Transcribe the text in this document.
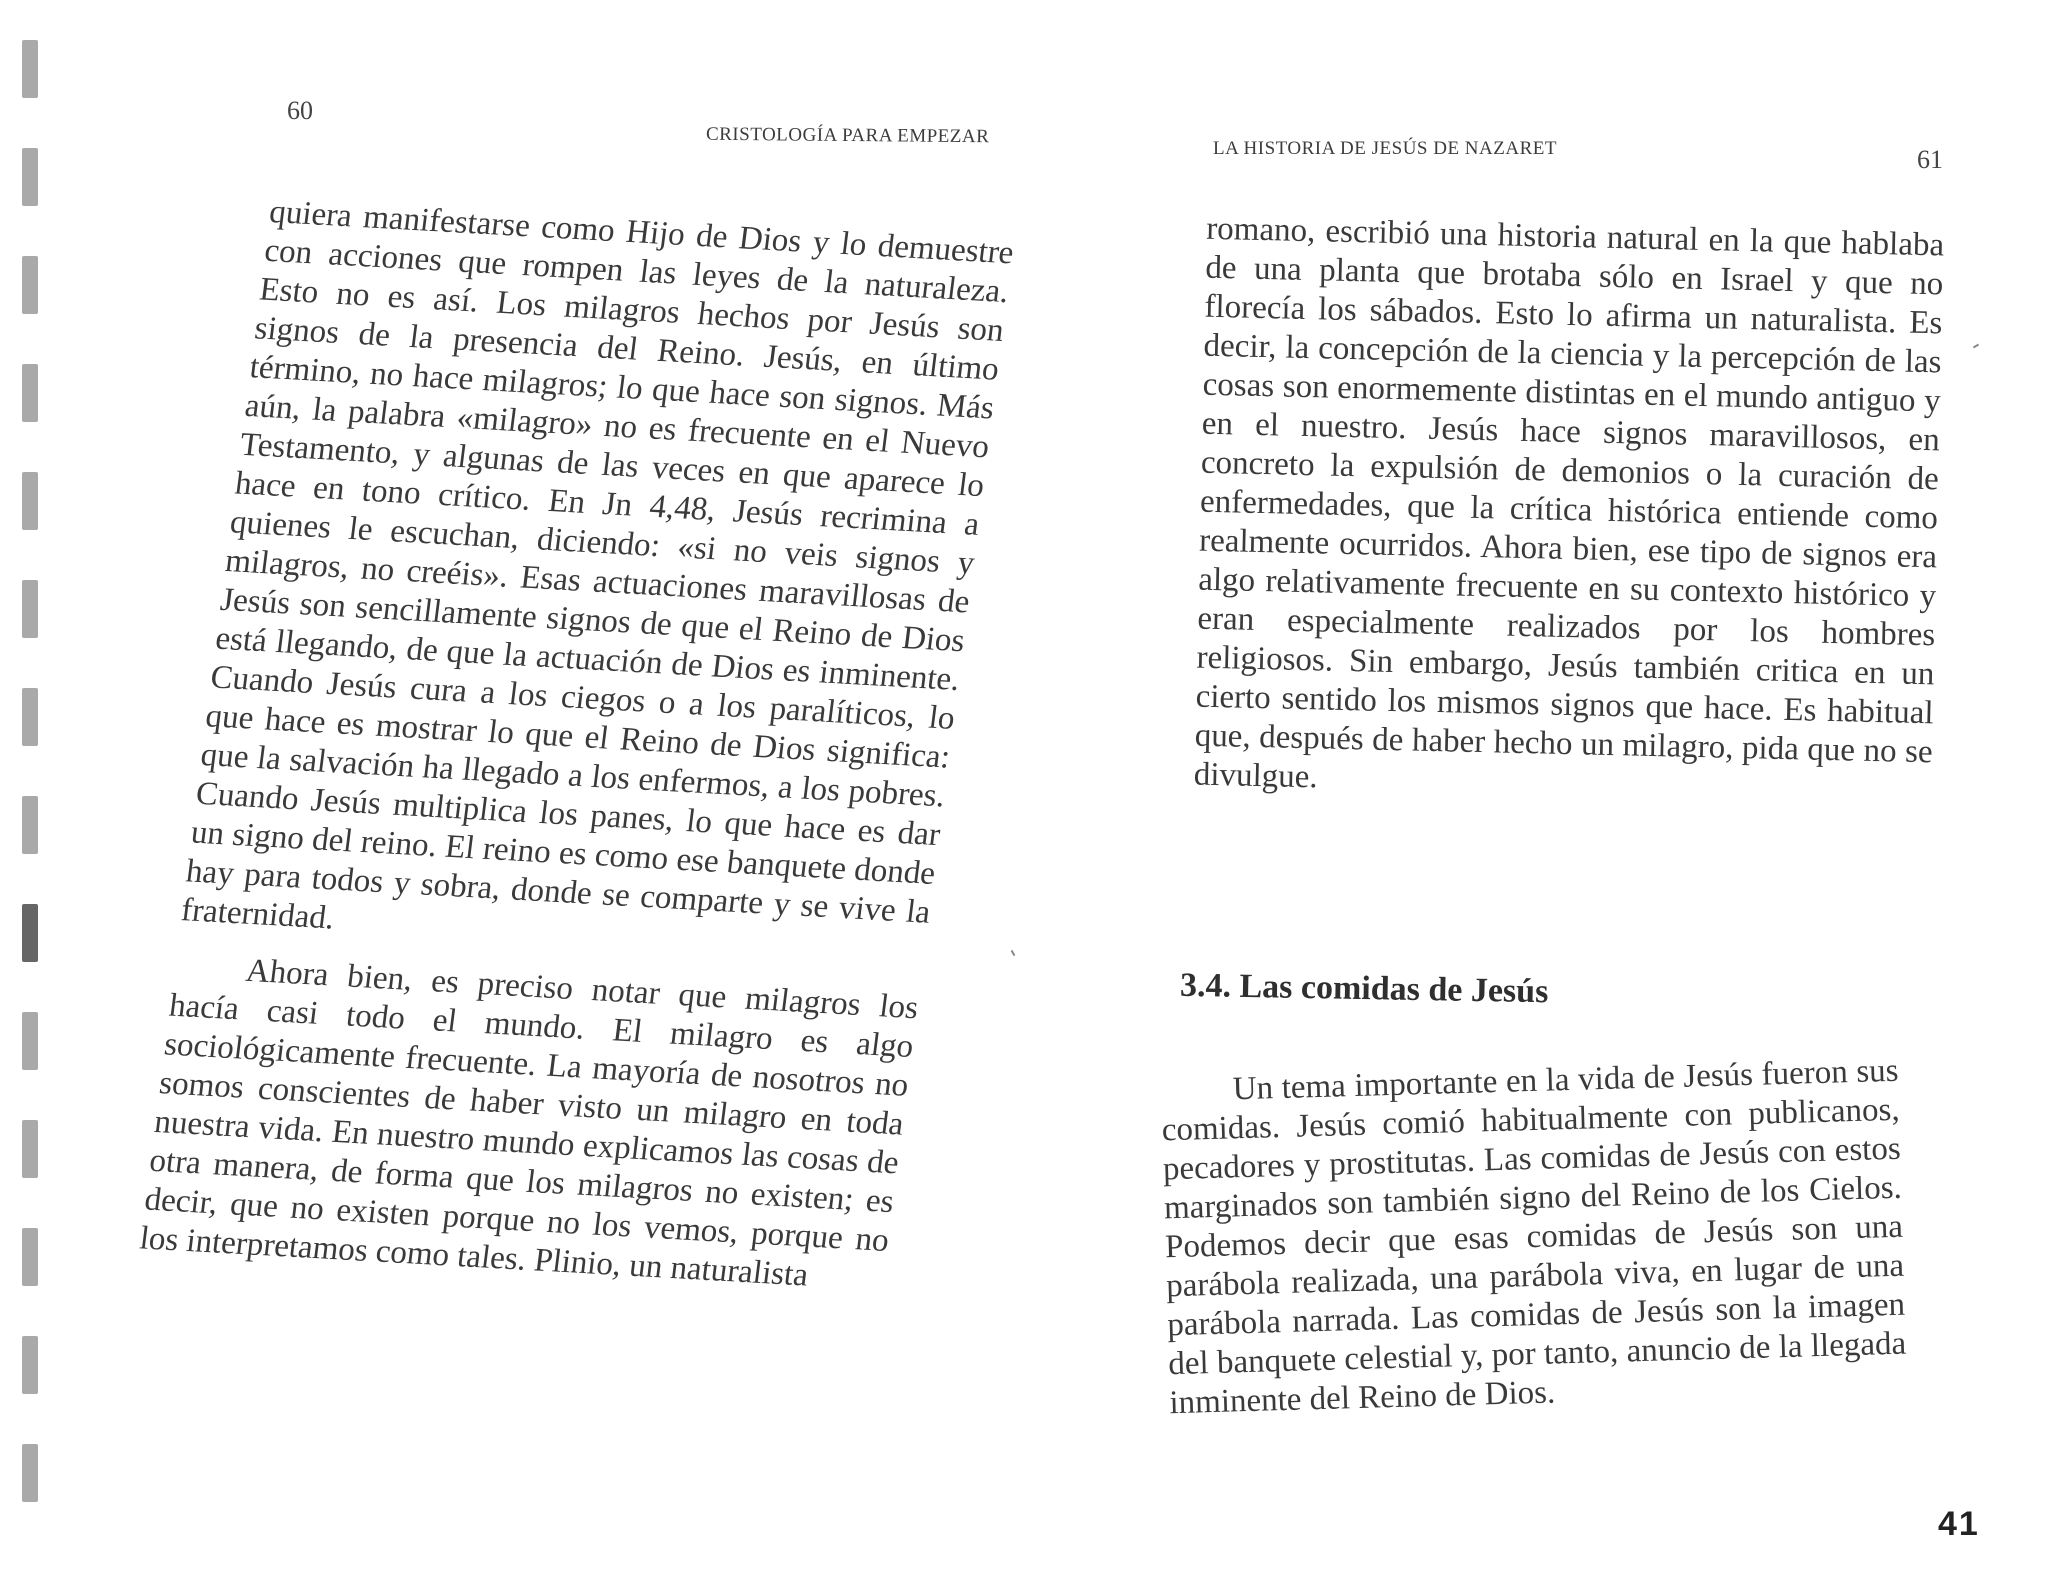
60
CRISTOLOGÍA PARA EMPEZAR

quiera manifestarse como Hijo de Dios y lo demuestre con acciones que rompen las leyes de la naturaleza. Esto no es así. Los milagros hechos por Jesús son signos de la presencia del Reino. Jesús, en último término, no hace milagros; lo que hace son signos. Más aún, la palabra «milagro» no es frecuente en el Nuevo Testamento, y algunas de las veces en que aparece lo hace en tono crítico. En Jn 4,48, Jesús recrimina a quienes le escuchan, diciendo: «si no veis signos y milagros, no creéis». Esas actuaciones maravillosas de Jesús son sencillamente signos de que el Reino de Dios está llegando, de que la actuación de Dios es inminente. Cuando Jesús cura a los ciegos o a los paralíticos, lo que hace es mostrar lo que el Reino de Dios significa: que la salvación ha llegado a los enfermos, a los pobres. Cuando Jesús multiplica los panes, lo que hace es dar un signo del reino. El reino es como ese banquete donde hay para todos y sobra, donde se comparte y se vive la fraternidad.

Ahora bien, es preciso notar que milagros los hacía casi todo el mundo. El milagro es algo sociológicamente frecuente. La mayoría de nosotros no somos conscientes de haber visto un milagro en toda nuestra vida. En nuestro mundo explicamos las cosas de otra manera, de forma que los milagros no existen; es decir, que no existen porque no los vemos, porque no los interpretamos como tales. Plinio, un naturalista

LA HISTORIA DE JESÚS DE NAZARET	61

romano, escribió una historia natural en la que hablaba de una planta que brotaba sólo en Israel y que no florecía los sábados. Esto lo afirma un naturalista. Es decir, la concepción de la ciencia y la percepción de las cosas son enormemente distintas en el mundo antiguo y en el nuestro. Jesús hace signos maravillosos, en concreto la expulsión de demonios o la curación de enfermedades, que la crítica histórica entiende como realmente ocurridos. Ahora bien, ese tipo de signos era algo relativamente frecuente en su contexto histórico y eran especialmente realizados por los hombres religiosos. Sin embargo, Jesús también critica en un cierto sentido los mismos signos que hace. Es habitual que, después de haber hecho un milagro, pida que no se divulgue.

3.4. Las comidas de Jesús

Un tema importante en la vida de Jesús fueron sus comidas. Jesús comió habitualmente con publicanos, pecadores y prostitutas. Las comidas de Jesús con estos marginados son también signo del Reino de los Cielos. Podemos decir que esas comidas de Jesús son una parábola realizada, una parábola viva, en lugar de una parábola narrada. Las comidas de Jesús son la imagen del banquete celestial y, por tanto, anuncio de la llegada inminente del Reino de Dios.

41
